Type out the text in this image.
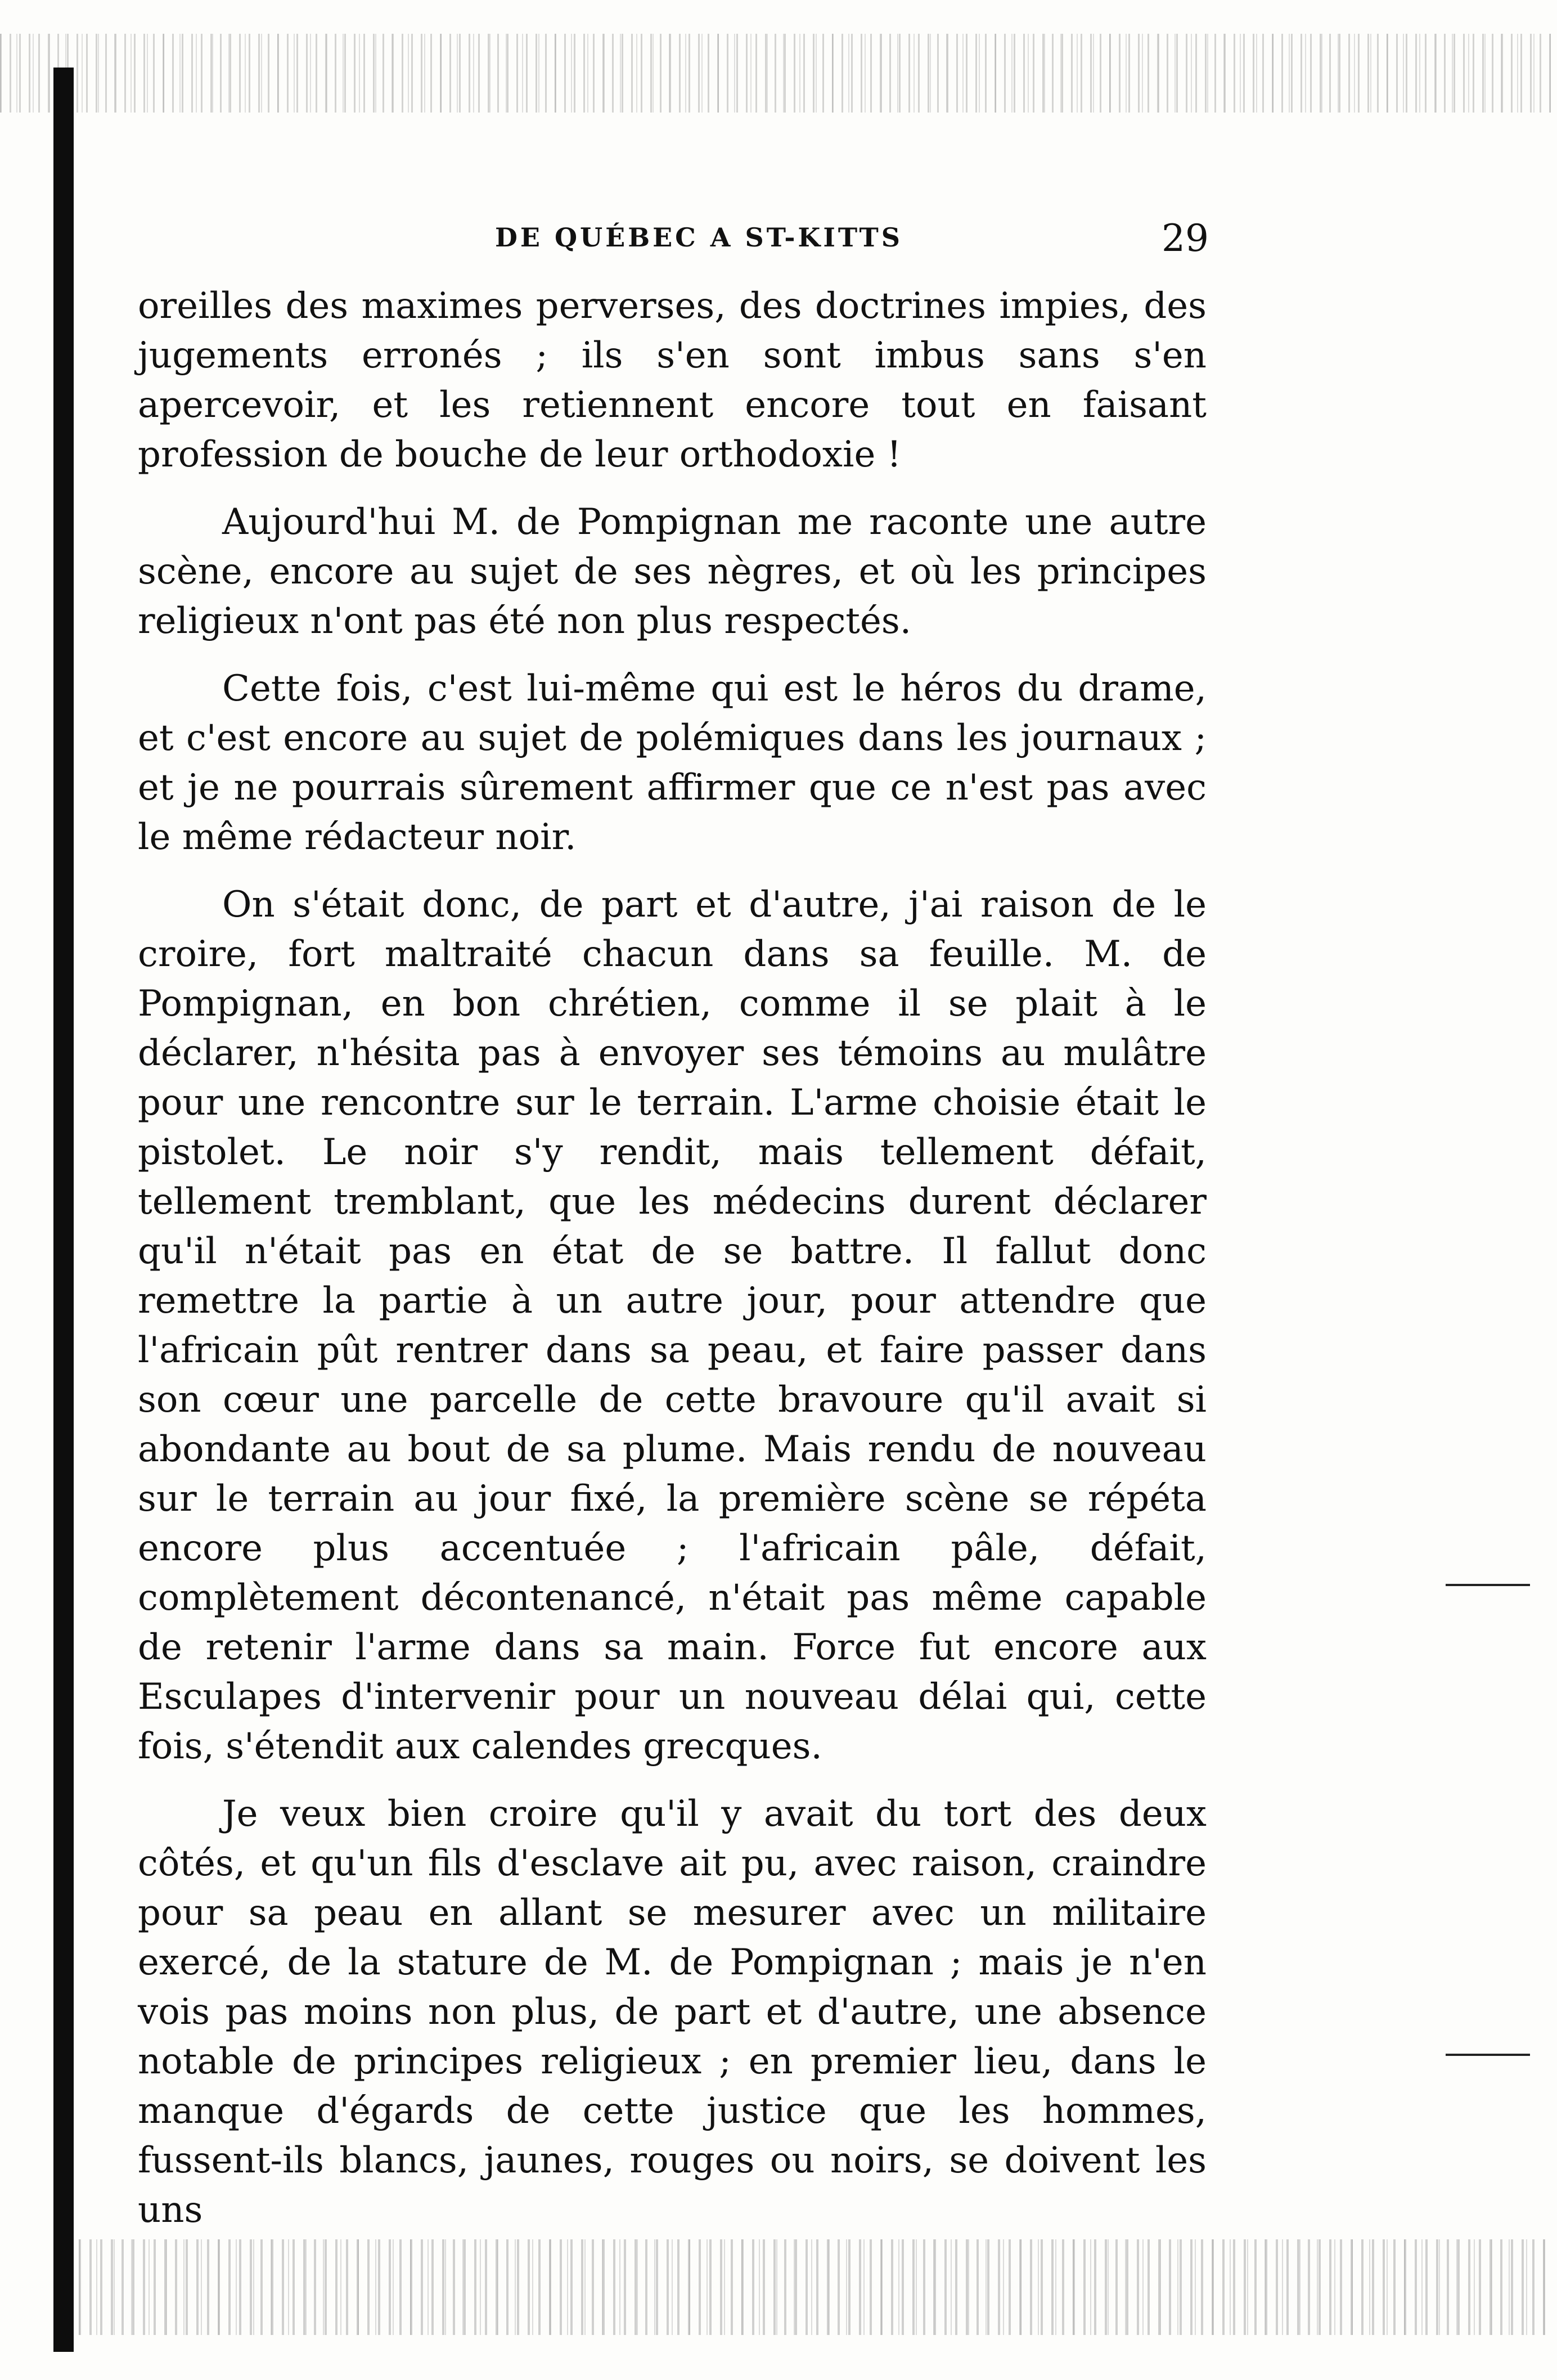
DE QUÉBEC A ST-KITTS	29

oreilles des maximes perverses, des doctrines impies, des jugements erronés ; ils s'en sont imbus sans s'en apercevoir, et les retiennent encore tout en faisant profession de bouche de leur orthodoxie !

Aujourd'hui M. de Pompignan me raconte une autre scène, encore au sujet de ses nègres, et où les principes religieux n'ont pas été non plus respectés.

Cette fois, c'est lui-même qui est le héros du drame, et c'est encore au sujet de polémiques dans les journaux ; et je ne pourrais sûrement affirmer que ce n'est pas avec le même rédacteur noir.

On s'était donc, de part et d'autre, j'ai raison de le croire, fort maltraité chacun dans sa feuille. M. de Pompignan, en bon chrétien, comme il se plait à le déclarer, n'hésita pas à envoyer ses témoins au mulâtre pour une rencontre sur le terrain. L'arme choisie était le pistolet. Le noir s'y rendit, mais tellement défait, tellement tremblant, que les médecins durent déclarer qu'il n'était pas en état de se battre. Il fallut donc remettre la partie à un autre jour, pour attendre que l'africain pût rentrer dans sa peau, et faire passer dans son cœur une parcelle de cette bravoure qu'il avait si abondante au bout de sa plume. Mais rendu de nouveau sur le terrain au jour fixé, la première scène se répéta encore plus accentuée ; l'africain pâle, défait, complètement décontenancé, n'était pas même capable de retenir l'arme dans sa main. Force fut encore aux Esculapes d'intervenir pour un nouveau délai qui, cette fois, s'étendit aux calendes grecques.

Je veux bien croire qu'il y avait du tort des deux côtés, et qu'un fils d'esclave ait pu, avec raison, craindre pour sa peau en allant se mesurer avec un militaire exercé, de la stature de M. de Pompignan ; mais je n'en vois pas moins non plus, de part et d'autre, une absence notable de principes religieux ; en premier lieu, dans le manque d'égards de cette justice que les hommes, fussent-ils blancs, jaunes, rouges ou noirs, se doivent les uns
